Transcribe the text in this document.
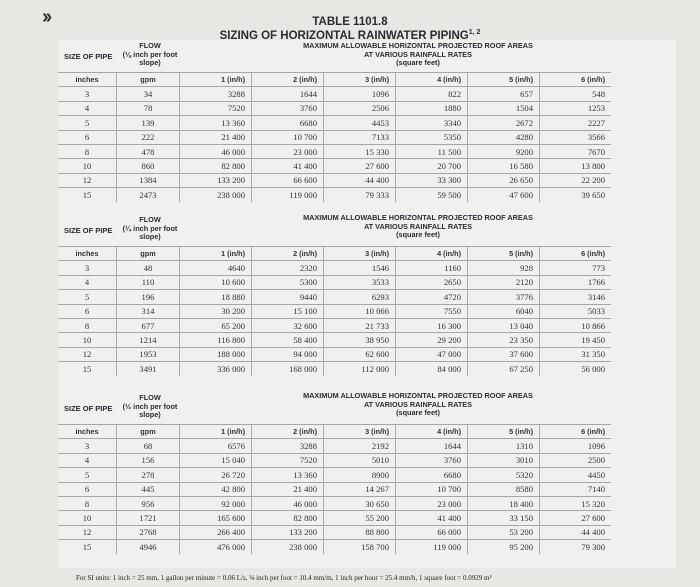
››	TABLE 1101.8
SIZING OF HORIZONTAL RAINWATER PIPING$^{1, 2}$
SIZE OF PIPE
FLOW
(⅛ inch per foot slope)
MAXIMUM ALLOWABLE HORIZONTAL PROJECTED ROOF AREAS
AT VARIOUS RAINFALL RATES
(square feet)
inches	gpm	1 (in/h)	2 (in/h)	3 (in/h)	4 (in/h)	5 (in/h)	6 (in/h)
3	34	3288	1644	1096	822	657	548
4	78	7520	3760	2506	1880	1504	1253
5	139	13 360	6680	4453	3340	2672	2227
6	222	21 400	10 700	7133	5350	4280	3566
8	478	46 000	23 000	15 330	11 500	9200	7670
10	860	82 800	41 400	27 600	20 700	16 580	13 800
12	1384	133 200	66 600	44 400	33 300	26 650	22 200
15	2473	238 000	119 000	79 333	59 500	47 600	39 650
SIZE OF PIPE
FLOW
(¼ inch per foot slope)
MAXIMUM ALLOWABLE HORIZONTAL PROJECTED ROOF AREAS
AT VARIOUS RAINFALL RATES
(square feet)
inches	gpm	1 (in/h)	2 (in/h)	3 (in/h)	4 (in/h)	5 (in/h)	6 (in/h)
3	48	4640	2320	1546	1160	928	773
4	110	10 600	5300	3533	2650	2120	1766
5	196	18 880	9440	6293	4720	3776	3146
6	314	30 200	15 100	10 066	7550	6040	5033
8	677	65 200	32 600	21 733	16 300	13 040	10 866
10	1214	116 800	58 400	38 950	29 200	23 350	19 450
12	1953	188 000	94 000	62 600	47 000	37 600	31 350
15	3491	336 000	168 000	112 000	84 000	67 250	56 000
SIZE OF PIPE
FLOW
(½ inch per foot slope)
MAXIMUM ALLOWABLE HORIZONTAL PROJECTED ROOF AREAS
AT VARIOUS RAINFALL RATES
(square feet)
inches	gpm	1 (in/h)	2 (in/h)	3 (in/h)	4 (in/h)	5 (in/h)	6 (in/h)
3	68	6576	3288	2192	1644	1310	1096
4	156	15 040	7520	5010	3760	3010	2500
5	278	26 720	13 360	8900	6680	5320	4450
6	445	42 800	21 400	14 267	10 700	8580	7140
8	956	92 000	46 000	30 650	23 000	18 400	15 320
10	1721	165 600	82 800	55 200	41 400	33 150	27 600
12	2768	266 400	133 200	88 800	66 000	53 200	44 400
15	4946	476 000	238 000	158 700	119 000	95 200	79 300
For SI units: 1 inch = 25 mm, 1 gallon per minute = 0.06 L/s, ⅛ inch per foot = 10.4 mm/m, 1 inch per hour = 25.4 mm/h, 1 square foot = 0.0929 m²
